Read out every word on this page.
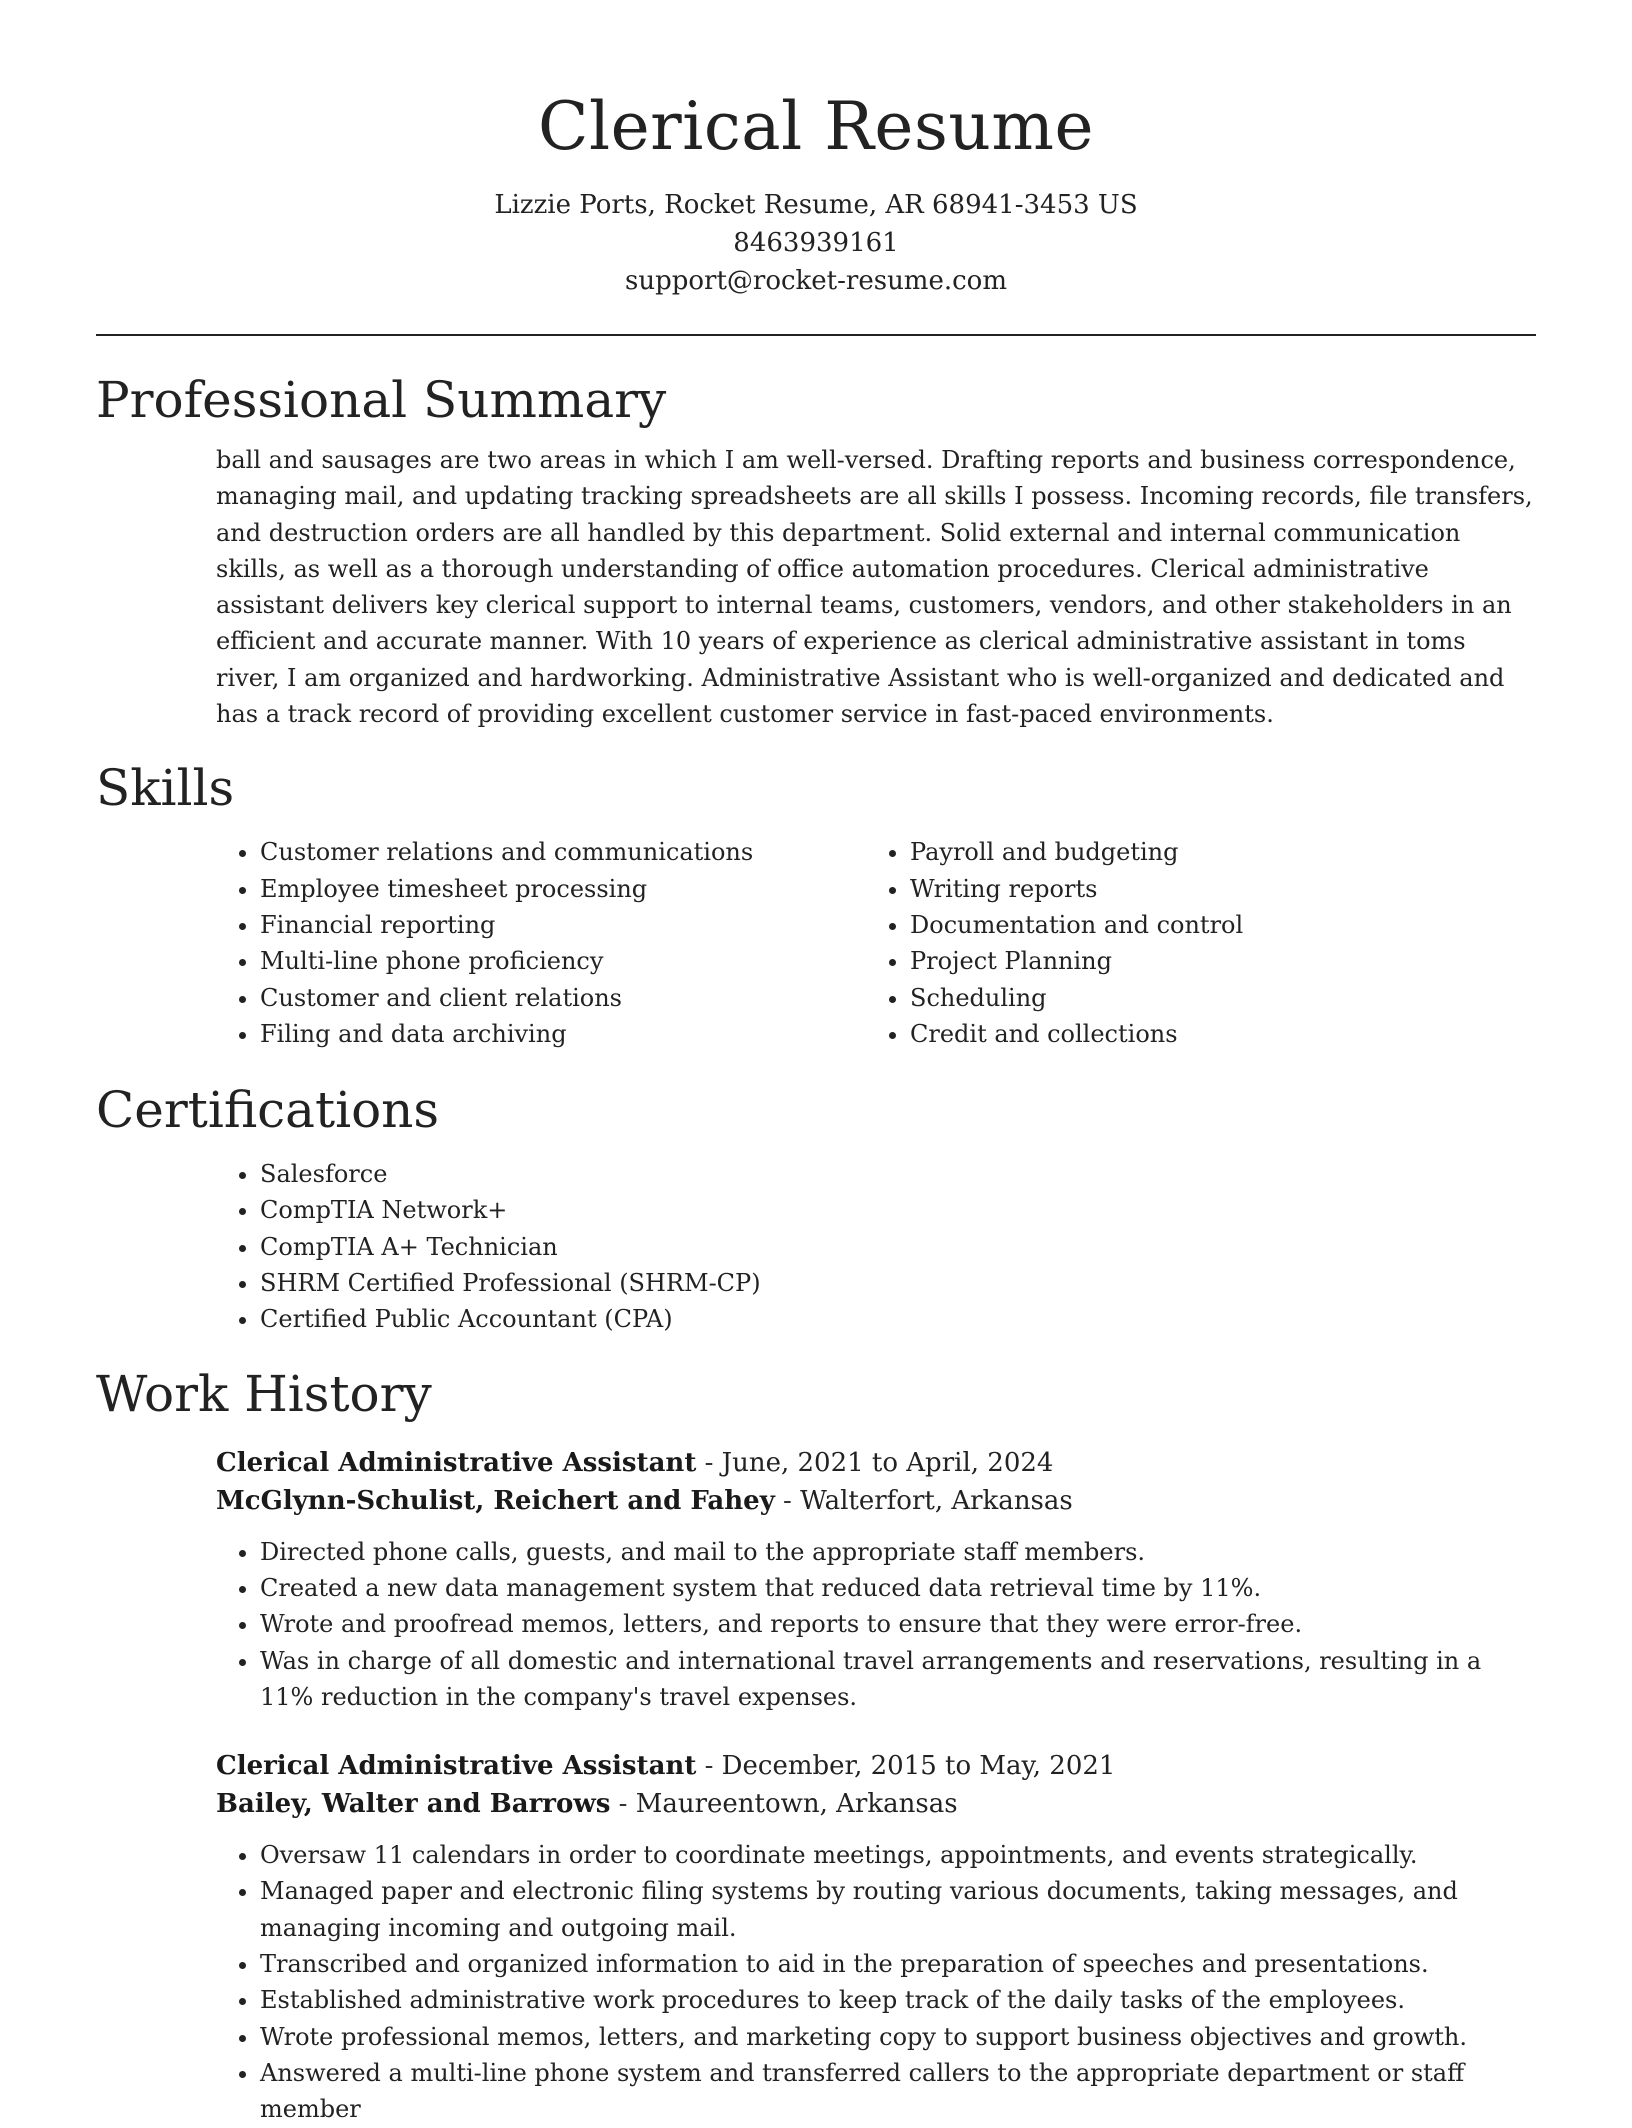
Clerical Resume
Lizzie Ports, Rocket Resume, AR 68941-3453 US
8463939161
support@rocket-resume.com
Professional Summary

ball and sausages are two areas in which I am well-versed. Drafting reports and business correspondence, managing mail, and updating tracking spreadsheets are all skills I possess. Incoming records, file transfers, and destruction orders are all handled by this department. Solid external and internal communication skills, as well as a thorough understanding of office automation procedures. Clerical administrative assistant delivers key clerical support to internal teams, customers, vendors, and other stakeholders in an efficient and accurate manner. With 10 years of experience as clerical administrative assistant in toms river, I am organized and hardworking. Administrative Assistant who is well-organized and dedicated and has a track record of providing excellent customer service in fast-paced environments.

Skills
• Customer relations and communications
• Employee timesheet processing
• Financial reporting
• Multi-line phone proficiency
• Customer and client relations
• Filing and data archiving
• Payroll and budgeting
• Writing reports
• Documentation and control
• Project Planning
• Scheduling
• Credit and collections
Certifications
• Salesforce
• CompTIA Network+
• CompTIA A+ Technician
• SHRM Certified Professional (SHRM-CP)
• Certified Public Accountant (CPA)
Work History
Clerical Administrative Assistant - June, 2021 to April, 2024
McGlynn-Schulist, Reichert and Fahey - Walterfort, Arkansas
• Directed phone calls, guests, and mail to the appropriate staff members.
• Created a new data management system that reduced data retrieval time by 11%.
• Wrote and proofread memos, letters, and reports to ensure that they were error-free.
• Was in charge of all domestic and international travel arrangements and reservations, resulting in a 11% reduction in the company's travel expenses.
Clerical Administrative Assistant - December, 2015 to May, 2021
Bailey, Walter and Barrows - Maureentown, Arkansas
• Oversaw 11 calendars in order to coordinate meetings, appointments, and events strategically.
• Managed paper and electronic filing systems by routing various documents, taking messages, and managing incoming and outgoing mail.
• Transcribed and organized information to aid in the preparation of speeches and presentations.
• Established administrative work procedures to keep track of the daily tasks of the employees.
• Wrote professional memos, letters, and marketing copy to support business objectives and growth.
• Answered a multi-line phone system and transferred callers to the appropriate department or staff member
